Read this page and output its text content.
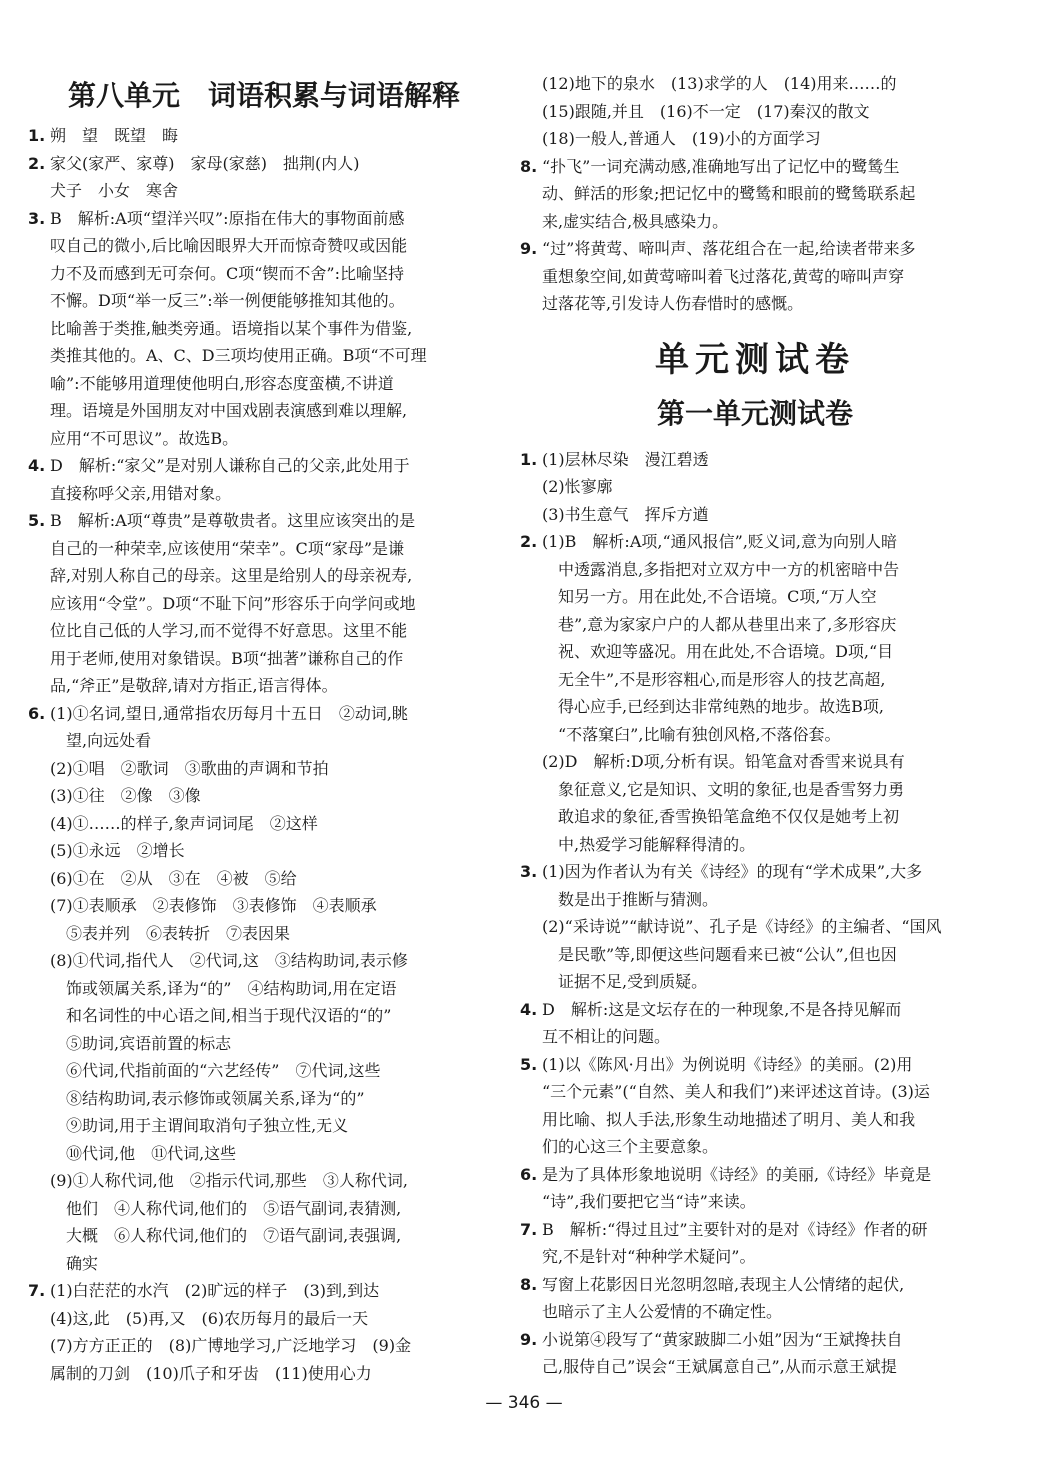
第八单元　词语积累与词语解释
1. 朔　望　既望　晦
2. 家父(家严、家尊)　家母(家慈)　拙荆(内人)
犬子　小女　寒舍
3. B　解析:A项“望洋兴叹”:原指在伟大的事物面前感
叹自己的微小,后比喻因眼界大开而惊奇赞叹或因能
力不及而感到无可奈何。C项“锲而不舍”:比喻坚持
不懈。D项“举一反三”:举一例便能够推知其他的。
比喻善于类推,触类旁通。语境指以某个事件为借鉴,
类推其他的。A、C、D三项均使用正确。B项“不可理
喻”:不能够用道理使他明白,形容态度蛮横,不讲道
理。语境是外国朋友对中国戏剧表演感到难以理解,
应用“不可思议”。故选B。
4. D　解析:“家父”是对别人谦称自己的父亲,此处用于
直接称呼父亲,用错对象。
5. B　解析:A项“尊贵”是尊敬贵者。这里应该突出的是
自己的一种荣幸,应该使用“荣幸”。C项“家母”是谦
辞,对别人称自己的母亲。这里是给别人的母亲祝寿,
应该用“令堂”。D项“不耻下问”形容乐于向学问或地
位比自己低的人学习,而不觉得不好意思。这里不能
用于老师,使用对象错误。B项“拙著”谦称自己的作
品,“斧正”是敬辞,请对方指正,语言得体。
6. (1)①名词,望日,通常指农历每月十五日　②动词,眺
　望,向远处看
(2)①唱　②歌词　③歌曲的声调和节拍
(3)①往　②像　③像
(4)①……的样子,象声词词尾　②这样
(5)①永远　②增长
(6)①在　②从　③在　④被　⑤给
(7)①表顺承　②表修饰　③表修饰　④表顺承
　⑤表并列　⑥表转折　⑦表因果
(8)①代词,指代人　②代词,这　③结构助词,表示修
　饰或领属关系,译为“的”　④结构助词,用在定语
　和名词性的中心语之间,相当于现代汉语的“的”
　⑤助词,宾语前置的标志
　⑥代词,代指前面的“六艺经传”　⑦代词,这些
　⑧结构助词,表示修饰或领属关系,译为“的”
　⑨助词,用于主谓间取消句子独立性,无义
　⑩代词,他　⑪代词,这些
(9)①人称代词,他　②指示代词,那些　③人称代词,
　他们　④人称代词,他们的　⑤语气副词,表猜测,
　大概　⑥人称代词,他们的　⑦语气副词,表强调,
　确实
7. (1)白茫茫的水汽　(2)旷远的样子　(3)到,到达
(4)这,此　(5)再,又　(6)农历每月的最后一天
(7)方方正正的　(8)广博地学习,广泛地学习　(9)金
属制的刀剑　(10)爪子和牙齿　(11)使用心力
(12)地下的泉水　(13)求学的人　(14)用来……的
(15)跟随,并且　(16)不一定　(17)秦汉的散文
(18)一般人,普通人　(19)小的方面学习
8. “扑飞”一词充满动感,准确地写出了记忆中的鹭鸶生
动、鲜活的形象;把记忆中的鹭鸶和眼前的鹭鸶联系起
来,虚实结合,极具感染力。
9. “过”将黄莺、啼叫声、落花组合在一起,给读者带来多
重想象空间,如黄莺啼叫着飞过落花,黄莺的啼叫声穿
过落花等,引发诗人伤春惜时的感慨。
单元测试卷
第一单元测试卷
1. (1)层林尽染　漫江碧透
(2)怅寥廓
(3)书生意气　挥斥方遒
2. (1)B　解析:A项,“通风报信”,贬义词,意为向别人暗
　中透露消息,多指把对立双方中一方的机密暗中告
　知另一方。用在此处,不合语境。C项,“万人空
　巷”,意为家家户户的人都从巷里出来了,多形容庆
　祝、欢迎等盛况。用在此处,不合语境。D项,“目
　无全牛”,不是形容粗心,而是形容人的技艺高超,
　得心应手,已经到达非常纯熟的地步。故选B项,
　“不落窠臼”,比喻有独创风格,不落俗套。
(2)D　解析:D项,分析有误。铅笔盒对香雪来说具有
　象征意义,它是知识、文明的象征,也是香雪努力勇
　敢追求的象征,香雪换铅笔盒绝不仅仅是她考上初
　中,热爱学习能解释得清的。
3. (1)因为作者认为有关《诗经》的现有“学术成果”,大多
　数是出于推断与猜测。
(2)“采诗说”“献诗说”、孔子是《诗经》的主编者、“国风
　是民歌”等,即便这些问题看来已被“公认”,但也因
　证据不足,受到质疑。
4. D　解析:这是文坛存在的一种现象,不是各持见解而
互不相让的问题。
5. (1)以《陈风·月出》为例说明《诗经》的美丽。(2)用
“三个元素”(“自然、美人和我们”)来评述这首诗。(3)运
用比喻、拟人手法,形象生动地描述了明月、美人和我
们的心这三个主要意象。
6. 是为了具体形象地说明《诗经》的美丽,《诗经》毕竟是
“诗”,我们要把它当“诗”来读。
7. B　解析:“得过且过”主要针对的是对《诗经》作者的研
究,不是针对“种种学术疑问”。
8. 写窗上花影因日光忽明忽暗,表现主人公情绪的起伏,
也暗示了主人公爱情的不确定性。
9. 小说第④段写了“黄家跛脚二小姐”因为“王斌搀扶自
己,服侍自己”误会“王斌属意自己”,从而示意王斌提
— 346 —
